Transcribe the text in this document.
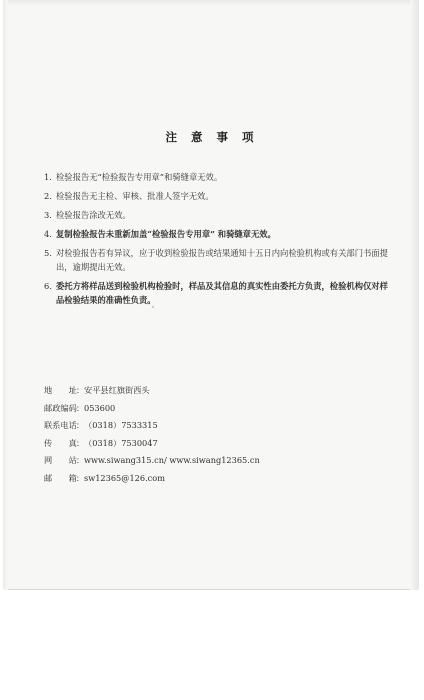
注 意 事 项
1. 检验报告无“检验报告专用章”和骑缝章无效。
2. 检验报告无主检、审核、批准人签字无效。
3. 检验报告涂改无效。
4. 复制检验报告未重新加盖“检验报告专用章” 和骑缝章无效。
5. 对检验报告若有异议，应于收到检验报告或结果通知十五日内向检验机构或有关部门书面提
出，逾期提出无效。
6. 委托方将样品送到检验机构检验时，样品及其信息的真实性由委托方负责，检验机构仅对样
品检验结果的准确性负责。
地　　址 ： 安平县红旗街西头
邮政编码 ： 053600
联系电话 ： （0318）7533315
传　　真 ： （0318）7530047
网　　站 ： www.siwang315.cn/ www.siwang12365.cn
邮　　箱 ： sw12365@126.com
